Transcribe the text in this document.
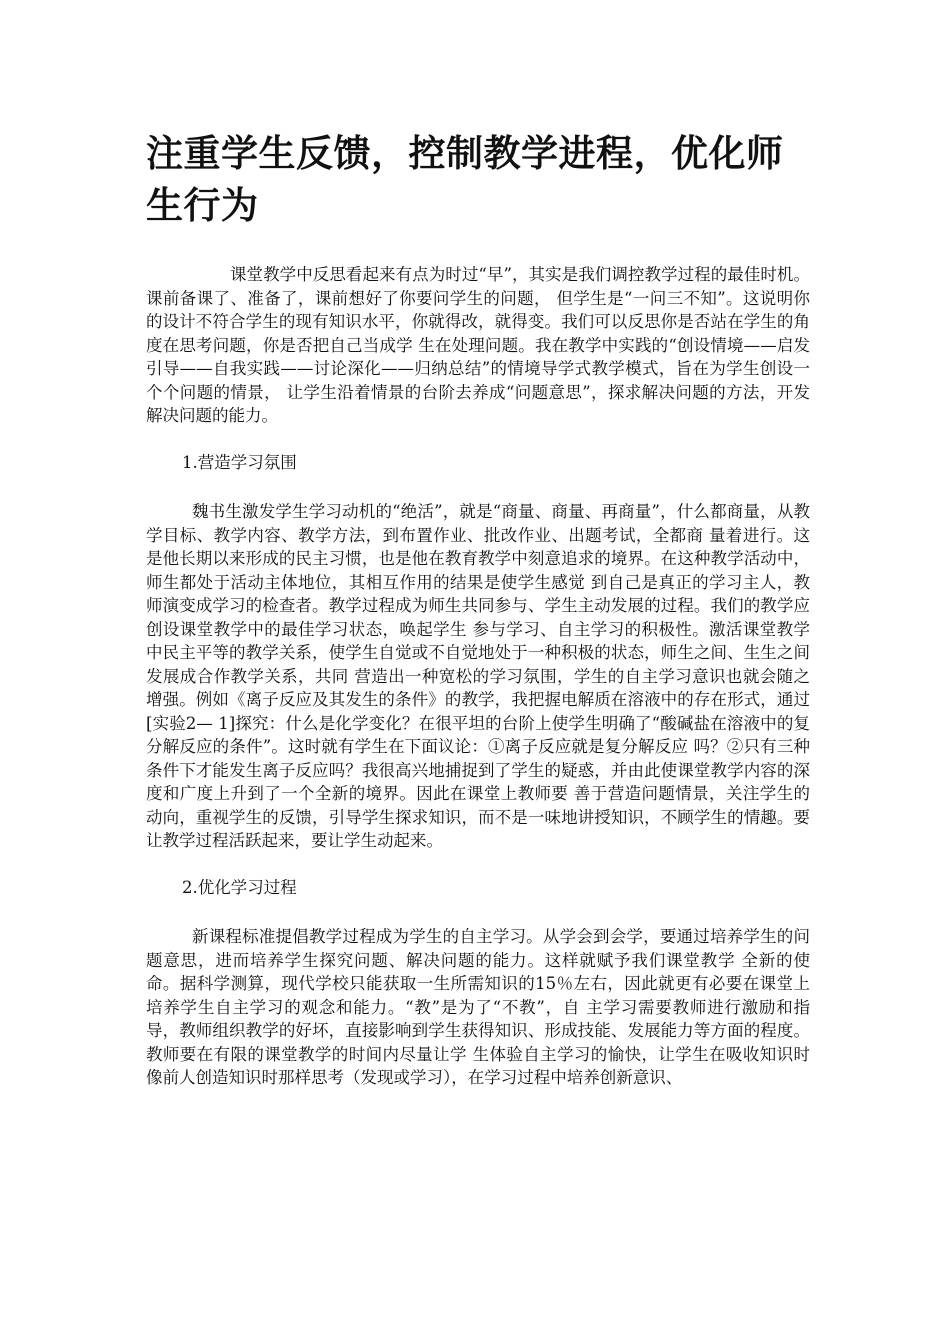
注重学生反馈，控制教学进程，优化师生行为

课堂教学中反思看起来有点为时过“早”，其实是我们调控教学过程的最佳时机。课前备课了、准备了，课前想好了你要问学生的问题， 但学生是“一问三不知”。这说明你的设计不符合学生的现有知识水平，你就得改，就得变。我们可以反思你是否站在学生的角度在思考问题，你是否把自己当成学 生在处理问题。我在教学中实践的“创设情境——启发引导——自我实践——讨论深化——归纳总结”的情境导学式教学模式，旨在为学生创设一个个问题的情景， 让学生沿着情景的台阶去养成“问题意思”，探求解决问题的方法，开发解决问题的能力。

1.营造学习氛围

魏书生激发学生学习动机的“绝活”，就是“商量、商量、再商量”，什么都商量，从教学目标、教学内容、教学方法，到布置作业、批改作业、出题考试，全都商 量着进行。这是他长期以来形成的民主习惯，也是他在教育教学中刻意追求的境界。在这种教学活动中，师生都处于活动主体地位，其相互作用的结果是使学生感觉 到自己是真正的学习主人，教师演变成学习的检查者。教学过程成为师生共同参与、学生主动发展的过程。我们的教学应创设课堂教学中的最佳学习状态，唤起学生 参与学习、自主学习的积极性。激活课堂教学中民主平等的教学关系，使学生自觉或不自觉地处于一种积极的状态，师生之间、生生之间发展成合作教学关系，共同 营造出一种宽松的学习氛围，学生的自主学习意识也就会随之增强。例如《离子反应及其发生的条件》的教学，我把握电解质在溶液中的存在形式，通过[实验2— 1]探究：什么是化学变化？在很平坦的台阶上使学生明确了“酸碱盐在溶液中的复分解反应的条件”。这时就有学生在下面议论：①离子反应就是复分解反应 吗？②只有三种条件下才能发生离子反应吗？我很高兴地捕捉到了学生的疑惑，并由此使课堂教学内容的深度和广度上升到了一个全新的境界。因此在课堂上教师要 善于营造问题情景，关注学生的动向，重视学生的反馈，引导学生探求知识，而不是一味地讲授知识，不顾学生的情趣。要让教学过程活跃起来，要让学生动起来。

2.优化学习过程

新课程标准提倡教学过程成为学生的自主学习。从学会到会学，要通过培养学生的问题意思，进而培养学生探究问题、解决问题的能力。这样就赋予我们课堂教学 全新的使命。据科学测算，现代学校只能获取一生所需知识的15％左右，因此就更有必要在课堂上培养学生自主学习的观念和能力。“教”是为了“不教”，自 主学习需要教师进行激励和指导，教师组织教学的好坏，直接影响到学生获得知识、形成技能、发展能力等方面的程度。教师要在有限的课堂教学的时间内尽量让学 生体验自主学习的愉快，让学生在吸收知识时像前人创造知识时那样思考（发现或学习），在学习过程中培养创新意识、
